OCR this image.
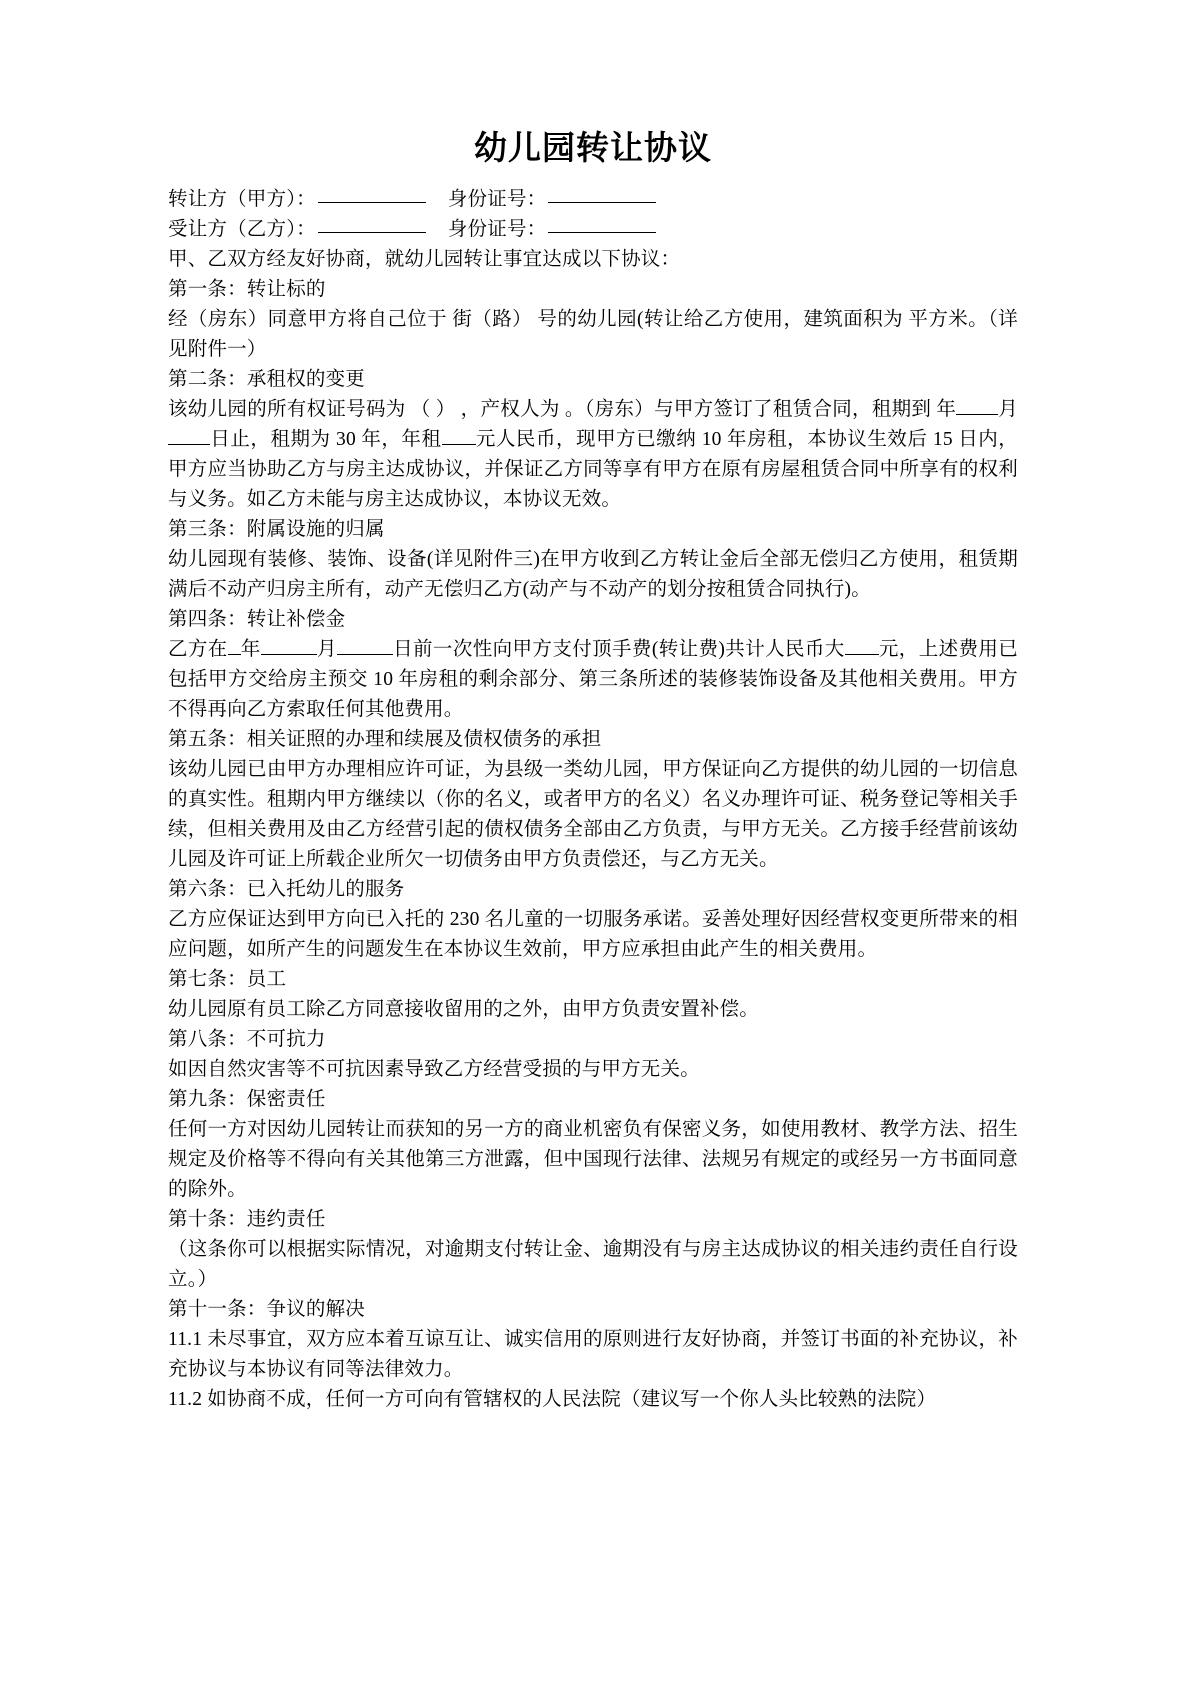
幼儿园转让协议
转让方（甲方）：	身份证号：
受让方（乙方）：	身份证号：
甲、乙双方经友好协商，就幼儿园转让事宜达成以下协议：
第一条：转让标的
经（房东）同意甲方将自己位于 街（路） 号的幼儿园(转让给乙方使用，建筑面积为 平方米。（详见附件一）
第二条：承租权的变更
该幼儿园的所有权证号码为 （ ） ，产权人为 。（房东）与甲方签订了租赁合同，租期到 年 月日止，租期为 30 年，年租 元人民币，现甲方已缴纳 10 年房租，本协议生效后 15 日内，甲方应当协助乙方与房主达成协议，并保证乙方同等享有甲方在原有房屋租赁合同中所享有的权利与义务。如乙方未能与房主达成协议，本协议无效。
第三条：附属设施的归属
幼儿园现有装修、装饰、设备(详见附件三)在甲方收到乙方转让金后全部无偿归乙方使用，租赁期满后不动产归房主所有，动产无偿归乙方(动产与不动产的划分按租赁合同执行)。
第四条：转让补偿金
乙方在 年	月	日前一次性向甲方支付顶手费(转让费)共计人民币大 元，上述费用已包括甲方交给房主预交 10 年房租的剩余部分、第三条所述的装修装饰设备及其他相关费用。甲方不得再向乙方索取任何其他费用。
第五条：相关证照的办理和续展及债权债务的承担
该幼儿园已由甲方办理相应许可证，为县级一类幼儿园，甲方保证向乙方提供的幼儿园的一切信息的真实性。租期内甲方继续以（你的名义，或者甲方的名义）名义办理许可证、税务登记等相关手续，但相关费用及由乙方经营引起的债权债务全部由乙方负责，与甲方无关。乙方接手经营前该幼儿园及许可证上所载企业所欠一切债务由甲方负责偿还，与乙方无关。
第六条：已入托幼儿的服务
乙方应保证达到甲方向已入托的 230 名儿童的一切服务承诺。妥善处理好因经营权变更所带来的相应问题，如所产生的问题发生在本协议生效前，甲方应承担由此产生的相关费用。
第七条：员工
幼儿园原有员工除乙方同意接收留用的之外，由甲方负责安置补偿。
第八条：不可抗力
如因自然灾害等不可抗因素导致乙方经营受损的与甲方无关。
第九条：保密责任
任何一方对因幼儿园转让而获知的另一方的商业机密负有保密义务，如使用教材、教学方法、招生规定及价格等不得向有关其他第三方泄露，但中国现行法律、法规另有规定的或经另一方书面同意的除外。
第十条：违约责任
（这条你可以根据实际情况，对逾期支付转让金、逾期没有与房主达成协议的相关违约责任自行设立。）
第十一条：争议的解决
11.1 未尽事宜，双方应本着互谅互让、诚实信用的原则进行友好协商，并签订书面的补充协议，补充协议与本协议有同等法律效力。
11.2 如协商不成，任何一方可向有管辖权的人民法院（建议写一个你人头比较熟的法院）
